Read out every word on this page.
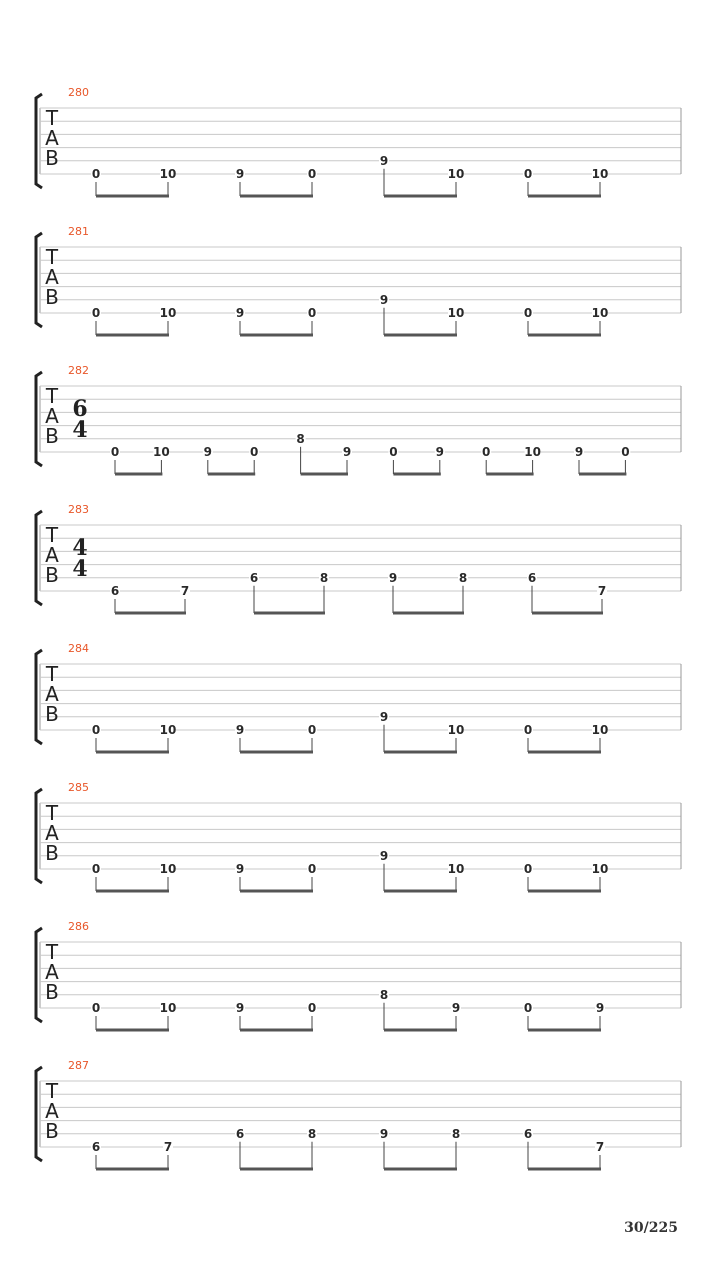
T
A
B
280
0	10	9	0
9
10	0	10
T
A
B
281
0	10	9	0
9
10	0	10
T
A
B
282
6
4
0	10	9	0
8
9	0	9	0	10	9	0
T
A
B
283
4
4
6	7
6	8	9	8	6
7
T
A
B
284
0	10	9	0
9
10	0	10
T
A
B
285
0	10	9	0
9
10	0	10
T
A
B
286
0	10	9	0
8
9	0	9
T
A
B
287
6	7
6	8	9	8	6
7
30/225
